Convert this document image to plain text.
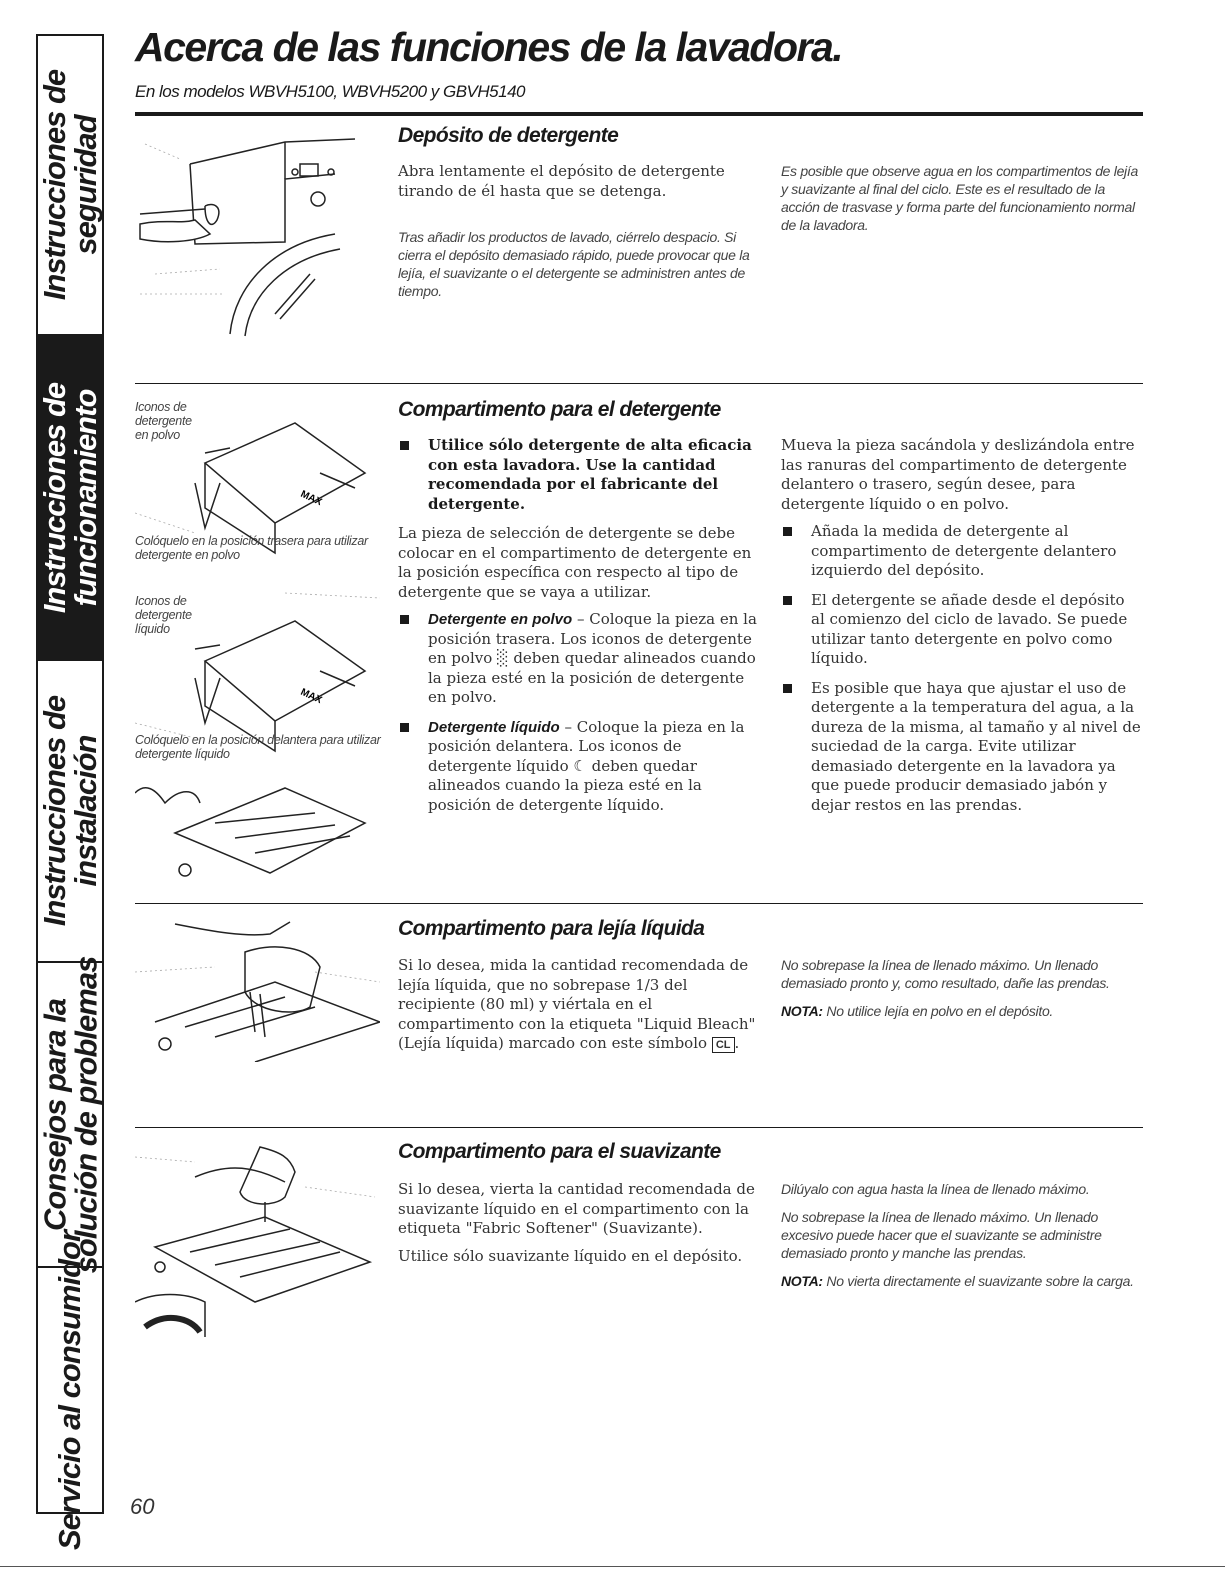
Instrucciones de
seguridad
Instrucciones de
funcionamiento
Instrucciones de
instalación
Consejos para la
solución de problemas
Servicio al consumidor
Acerca de las funciones de la lavadora.
En los modelos WBVH5100, WBVH5200 y GBVH5140
Depósito de detergente

Abra lentamente el depósito de detergente tirando de él hasta que se detenga.

Tras añadir los productos de lavado, ciérrelo despacio. Si cierra el depósito demasiado rápido, puede provocar que la lejía, el suavizante o el detergente se administren antes de tiempo.
Es posible que observe agua en los compartimentos de lejía y suavizante al final del ciclo. Este es el resultado de la acción de trasvase y forma parte del funcionamiento normal de la lavadora.
MAX
MAX
Iconos de detergente en polvo
Colóquelo en la posición trasera para utilizar detergente en polvo
Iconos de detergente líquido
Colóquelo en la posición delantera para utilizar detergente líquido
Compartimento para el detergente
Utilice sólo detergente de alta eficacia con esta lavadora. Use la cantidad recomendada por el fabricante del detergente.

La pieza de selección de detergente se debe colocar en el compartimento de detergente en la posición específica con respecto al tipo de detergente que se vaya a utilizar.

Detergente en polvo – Coloque la pieza en la posición trasera. Los iconos de detergente en polvo ░ deben quedar alineados cuando la pieza esté en la posición de detergente en polvo.
Detergente líquido – Coloque la pieza en la posición delantera. Los iconos de detergente líquido ☾ deben quedar alineados cuando la pieza esté en la posición de detergente líquido.

Mueva la pieza sacándola y deslizándola entre las ranuras del compartimento de detergente delantero o trasero, según desee, para detergente líquido o en polvo.

Añada la medida de detergente al compartimento de detergente delantero izquierdo del depósito.
El detergente se añade desde el depósito al comienzo del ciclo de lavado. Se puede utilizar tanto detergente en polvo como líquido.
Es posible que haya que ajustar el uso de detergente a la temperatura del agua, a la dureza de la misma, al tamaño y al nivel de suciedad de la carga. Evite utilizar demasiado detergente en la lavadora ya que puede producir demasiado jabón y dejar restos en las prendas.
Compartimento para lejía líquida

Si lo desea, mida la cantidad recomendada de lejía líquida, que no sobrepase 1/3 del recipiente (80 ml) y viértala en el compartimento con la etiqueta "Liquid Bleach" (Lejía líquida) marcado con este símbolo CL .

No sobrepase la línea de llenado máximo. Un llenado demasiado pronto y, como resultado, dañe las prendas.

NOTA: No utilice lejía en polvo en el depósito.

Compartimento para el suavizante

Si lo desea, vierta la cantidad recomendada de suavizante líquido en el compartimento con la etiqueta "Fabric Softener" (Suavizante).

Utilice sólo suavizante líquido en el depósito.

Dilúyalo con agua hasta la línea de llenado máximo.

No sobrepase la línea de llenado máximo. Un llenado excesivo puede hacer que el suavizante se administre demasiado pronto y manche las prendas.

NOTA: No vierta directamente el suavizante sobre la carga.

60
